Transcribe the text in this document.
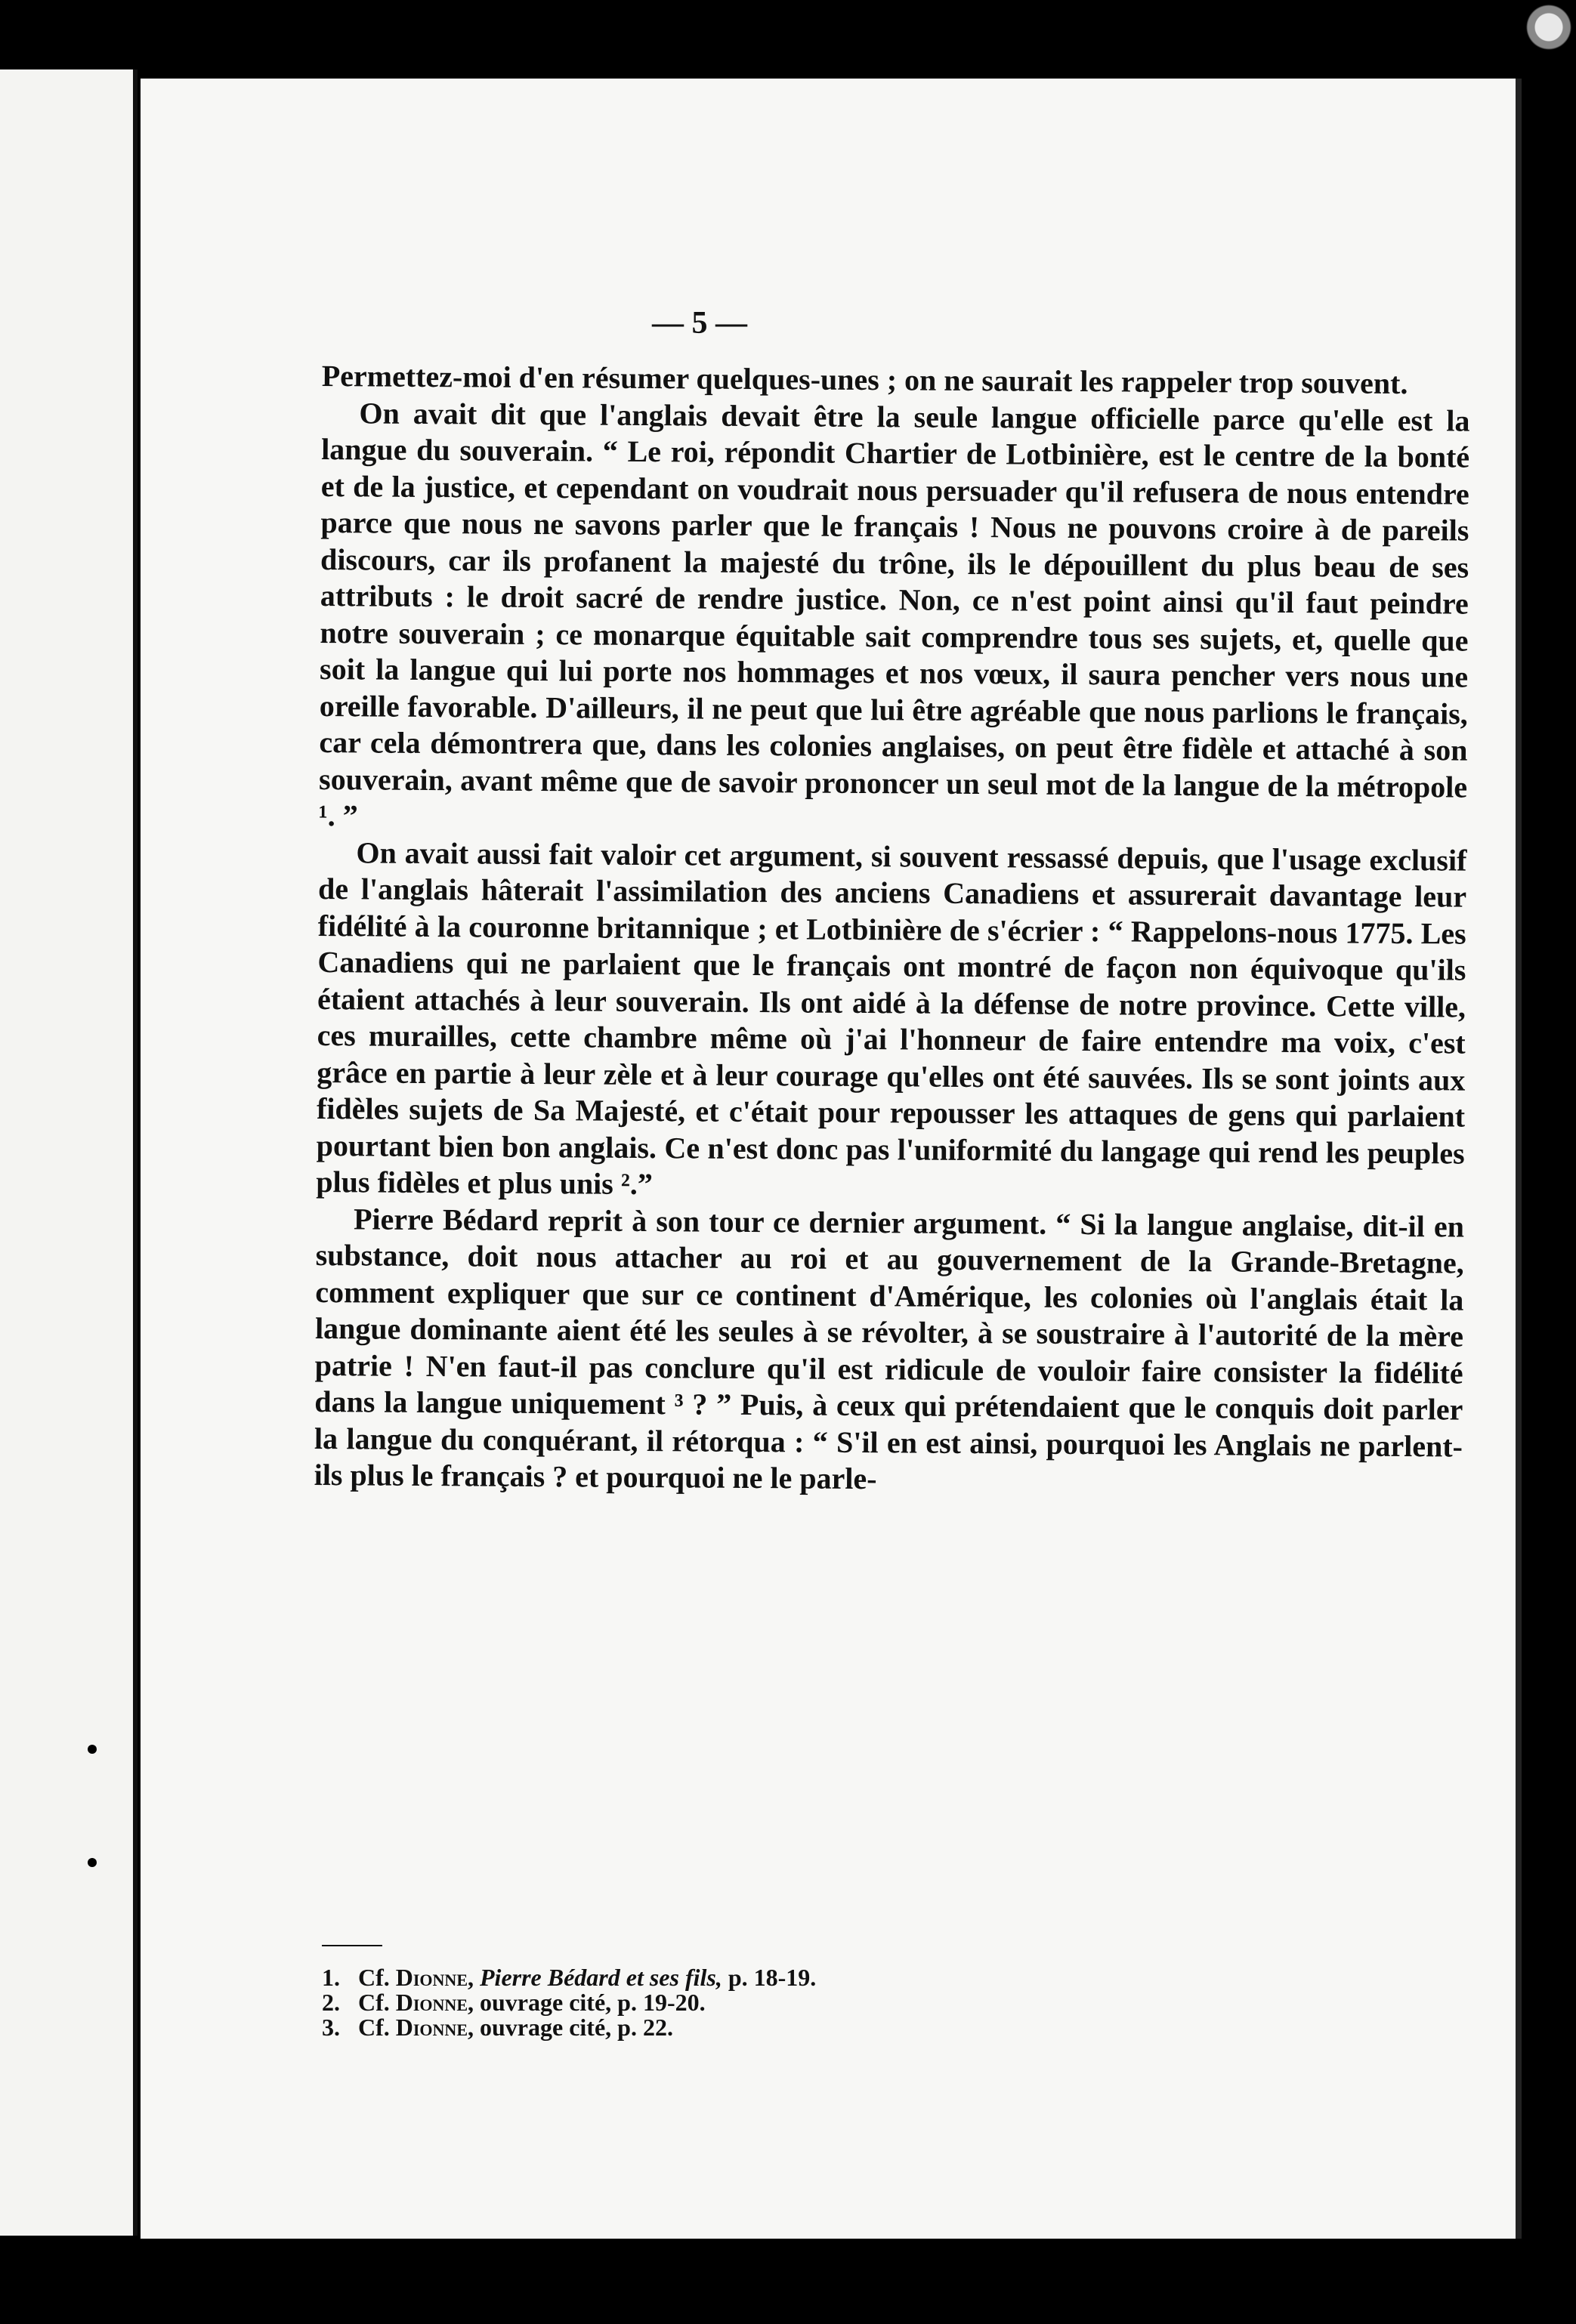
— 5 —

Permettez-moi d'en résumer quelques-unes ; on ne saurait les rappeler trop souvent.

On avait dit que l'anglais devait être la seule langue officielle parce qu'elle est la langue du souverain. “ Le roi, répondit Chartier de Lotbinière, est le centre de la bonté et de la justice, et cependant on voudrait nous persuader qu'il refusera de nous entendre parce que nous ne savons parler que le français ! Nous ne pouvons croire à de pareils discours, car ils profanent la majesté du trône, ils le dépouillent du plus beau de ses attributs : le droit sacré de rendre justice. Non, ce n'est point ainsi qu'il faut peindre notre souverain ; ce monarque équitable sait comprendre tous ses sujets, et, quelle que soit la langue qui lui porte nos hommages et nos vœux, il saura pencher vers nous une oreille favorable. D'ailleurs, il ne peut que lui être agréable que nous parlions le français, car cela démontrera que, dans les colonies anglaises, on peut être fidèle et attaché à son souverain, avant même que de savoir prononcer un seul mot de la langue de la métropole ¹. ”

On avait aussi fait valoir cet argument, si souvent ressassé depuis, que l'usage exclusif de l'anglais hâterait l'assimilation des anciens Canadiens et assurerait davantage leur fidélité à la couronne britannique ; et Lotbinière de s'écrier : “ Rappelons-nous 1775. Les Canadiens qui ne parlaient que le français ont montré de façon non équivoque qu'ils étaient attachés à leur souverain. Ils ont aidé à la défense de notre province. Cette ville, ces murailles, cette chambre même où j'ai l'honneur de faire entendre ma voix, c'est grâce en partie à leur zèle et à leur courage qu'elles ont été sauvées. Ils se sont joints aux fidèles sujets de Sa Majesté, et c'était pour repousser les attaques de gens qui parlaient pourtant bien bon anglais. Ce n'est donc pas l'uniformité du langage qui rend les peuples plus fidèles et plus unis ².”

Pierre Bédard reprit à son tour ce dernier argument. “ Si la langue anglaise, dit-il en substance, doit nous attacher au roi et au gouvernement de la Grande-Bretagne, comment expliquer que sur ce continent d'Amérique, les colonies où l'anglais était la langue dominante aient été les seules à se révolter, à se soustraire à l'autorité de la mère patrie ! N'en faut-il pas conclure qu'il est ridicule de vouloir faire consister la fidélité dans la langue uniquement ³ ? ” Puis, à ceux qui prétendaient que le conquis doit parler la langue du conquérant, il rétorqua : “ S'il en est ainsi, pourquoi les Anglais ne parlent-ils plus le français ? et pourquoi ne le parle-

1. Cf. Dionne, Pierre Bédard et ses fils, p. 18-19.
2. Cf. Dionne, ouvrage cité, p. 19-20.
3. Cf. Dionne, ouvrage cité, p. 22.
